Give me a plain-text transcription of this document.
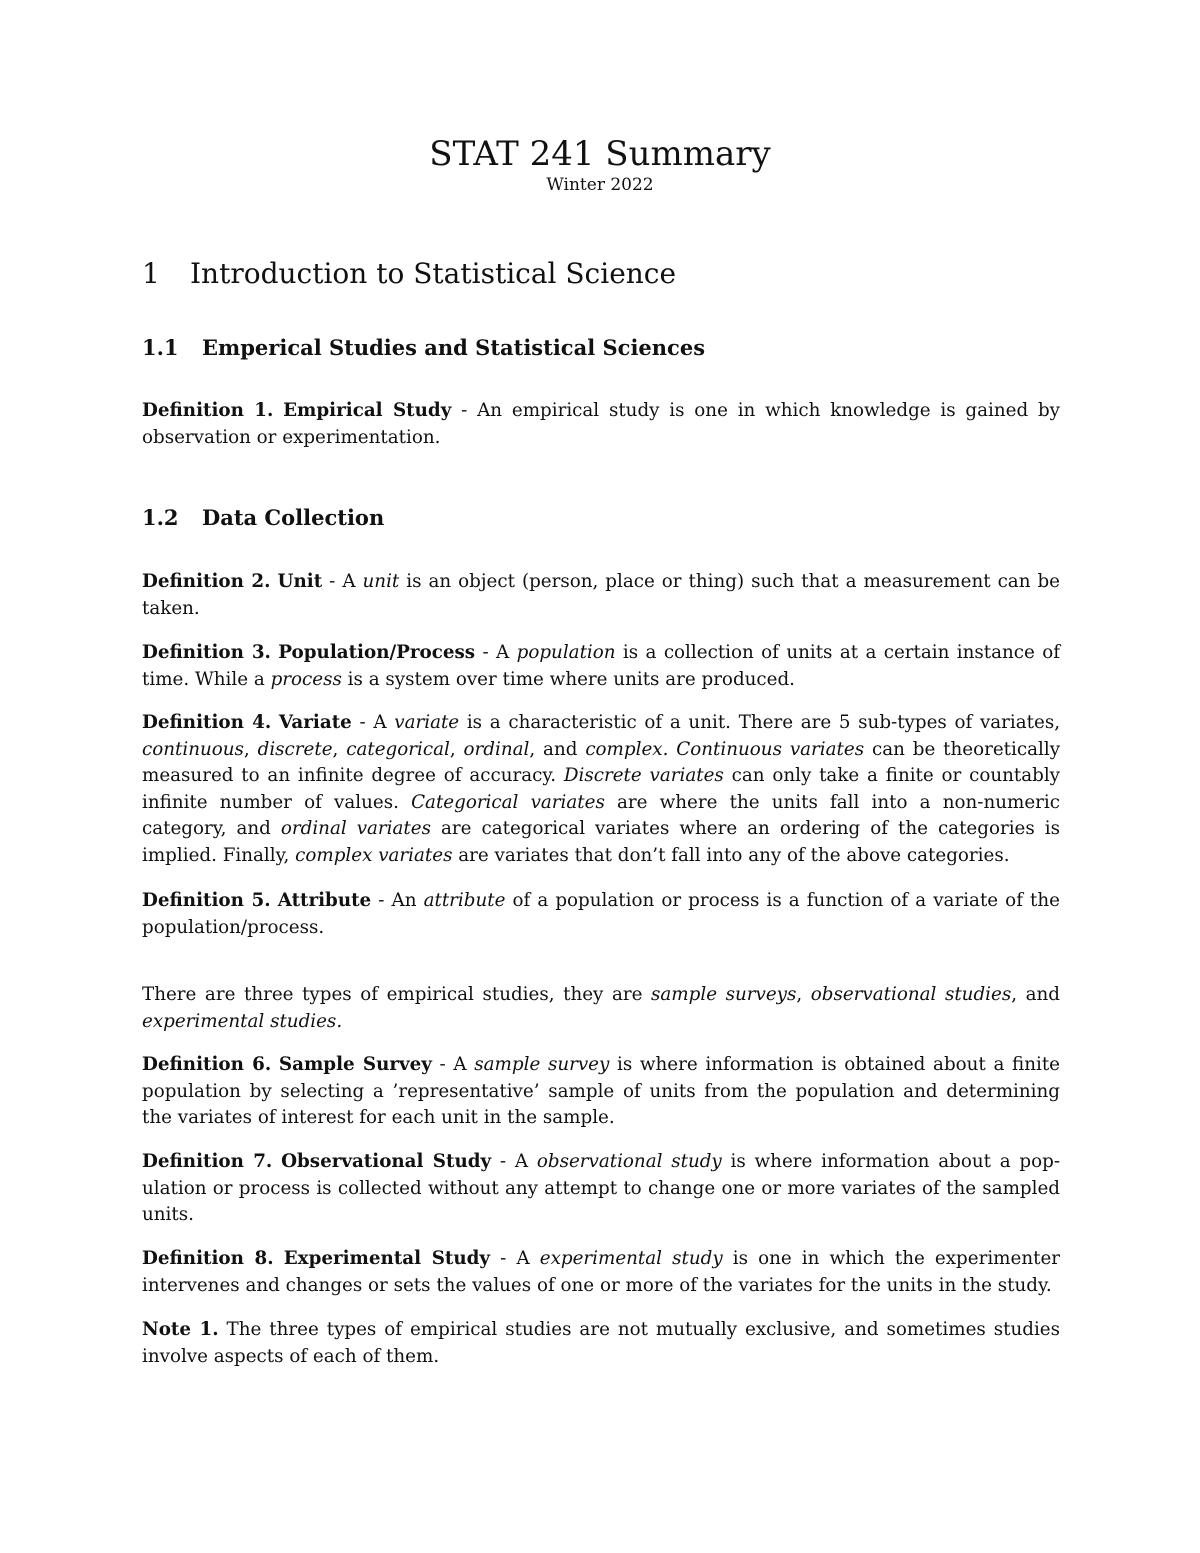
STAT 241 Summary
Winter 2022
1 Introduction to Statistical Science
1.1 Emperical Studies and Statistical Sciences
Definition 1. Empirical Study - An empirical study is one in which knowledge is gained by observation or experimentation.
1.2 Data Collection
Definition 2. Unit - A unit is an object (person, place or thing) such that a measurement can be taken.
Definition 3. Population/Process - A population is a collection of units at a certain instance of time. While a process is a system over time where units are produced.
Definition 4. Variate - A variate is a characteristic of a unit. There are 5 sub-types of variates, continuous, discrete, categorical, ordinal, and complex. Continuous variates can be theoretically measured to an infinite degree of accuracy. Discrete variates can only take a finite or countably infinite number of values. Categorical variates are where the units fall into a non-numeric category, and ordinal variates are categorical variates where an ordering of the categories is implied. Finally, complex variates are variates that don’t fall into any of the above categories.
Definition 5. Attribute - An attribute of a population or process is a function of a variate of the population/process.
There are three types of empirical studies, they are sample surveys, observational studies, and experimental studies.
Definition 6. Sample Survey - A sample survey is where information is obtained about a finite population by selecting a ’representative’ sample of units from the population and determining the variates of interest for each unit in the sample.
Definition 7. Observational Study - A observational study is where information about a population or process is collected without any attempt to change one or more variates of the sampled units.
Definition 8. Experimental Study - A experimental study is one in which the experimenter intervenes and changes or sets the values of one or more of the variates for the units in the study.
Note 1. The three types of empirical studies are not mutually exclusive, and sometimes studies involve aspects of each of them.
